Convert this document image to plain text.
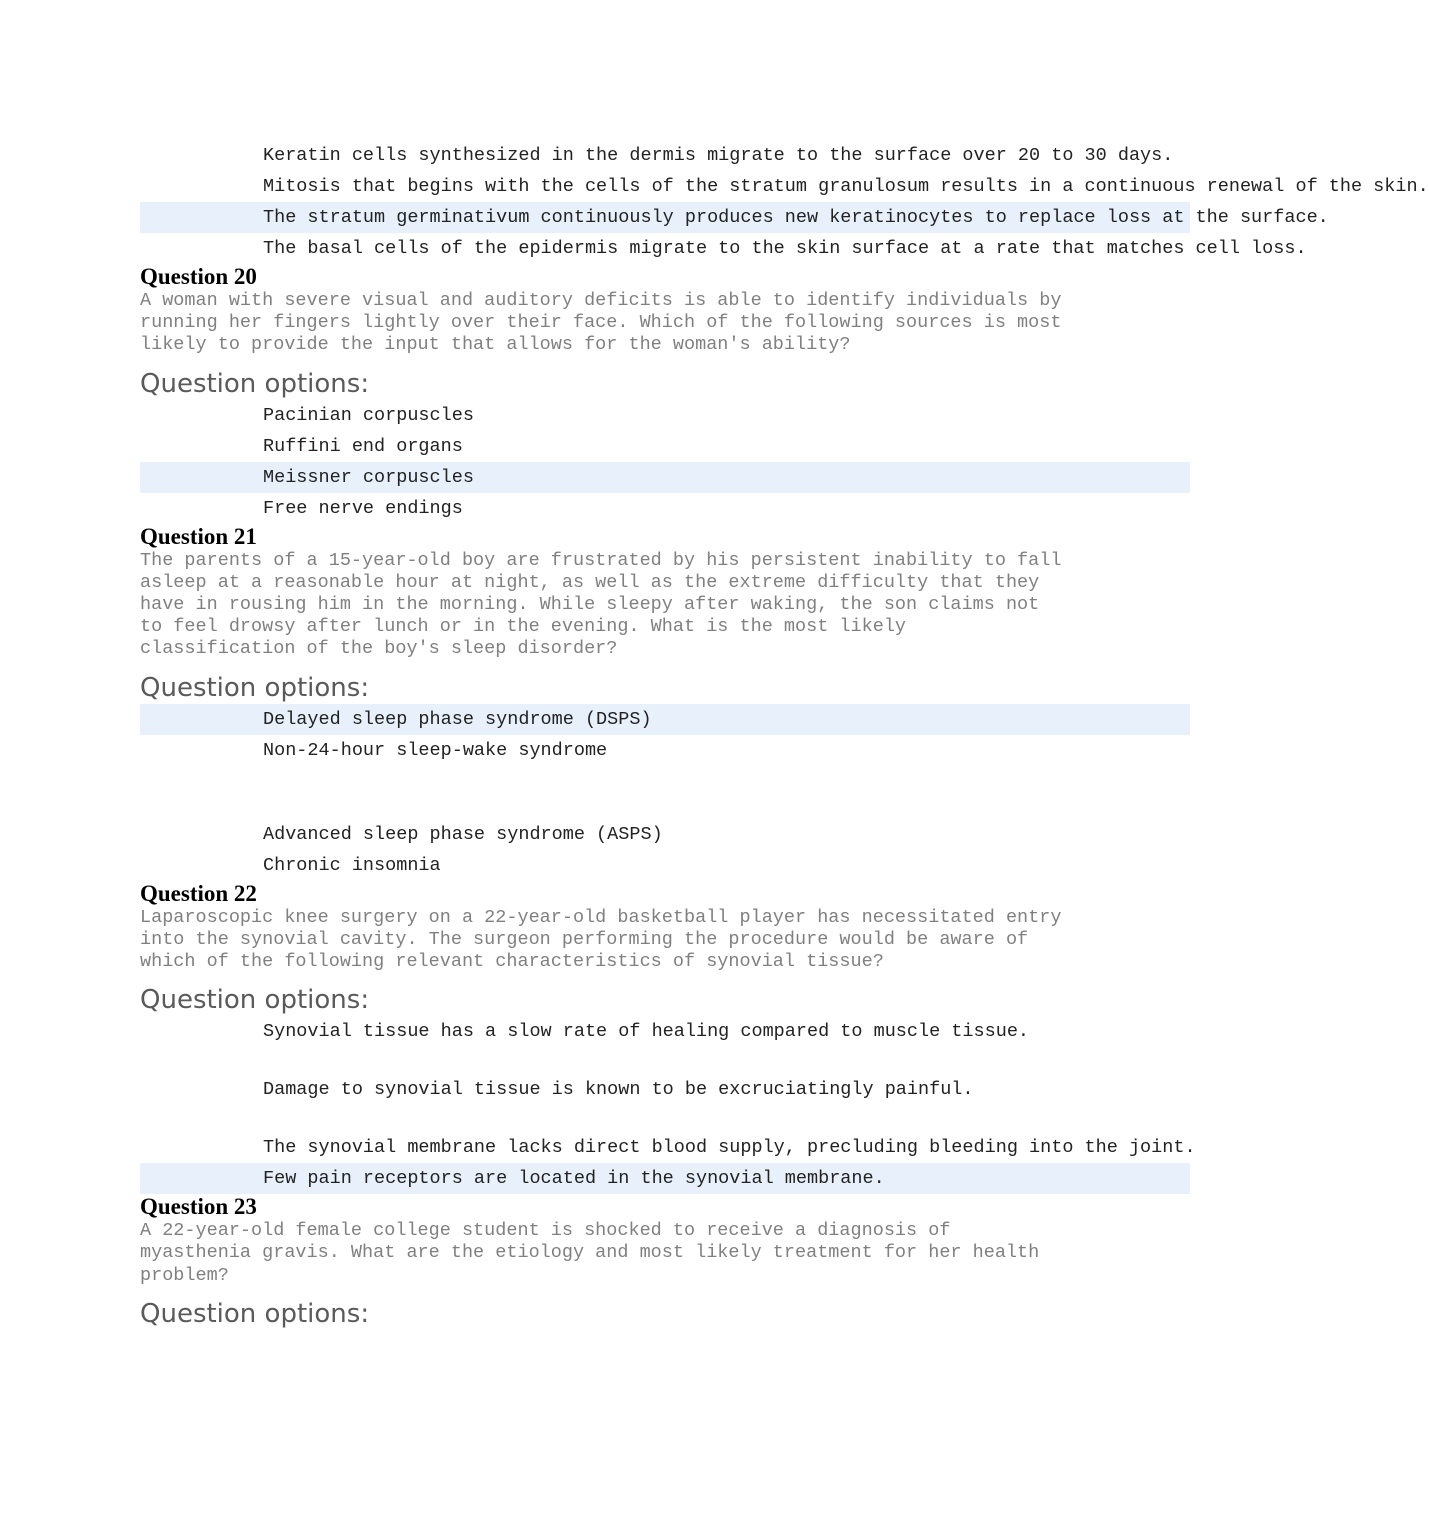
Keratin cells synthesized in the dermis migrate to the surface over 20 to 30 days.
Mitosis that begins with the cells of the stratum granulosum results in a continuous renewal of the skin.
The stratum germinativum continuously produces new keratinocytes to replace loss at the surface.
The basal cells of the epidermis migrate to the skin surface at a rate that matches cell loss.
Question 20
A woman with severe visual and auditory deficits is able to identify individuals by running her fingers lightly over their face. Which of the following sources is most likely to provide the input that allows for the woman's ability?
Question options:
Pacinian corpuscles
Ruffini end organs
Meissner corpuscles
Free nerve endings
Question 21
The parents of a 15-year-old boy are frustrated by his persistent inability to fall asleep at a reasonable hour at night, as well as the extreme difficulty that they have in rousing him in the morning. While sleepy after waking, the son claims not to feel drowsy after lunch or in the evening. What is the most likely classification of the boy's sleep disorder?
Question options:
Delayed sleep phase syndrome (DSPS)
Non-24-hour sleep-wake syndrome
Advanced sleep phase syndrome (ASPS)
Chronic insomnia
Question 22
Laparoscopic knee surgery on a 22-year-old basketball player has necessitated entry into the synovial cavity. The surgeon performing the procedure would be aware of which of the following relevant characteristics of synovial tissue?
Question options:
Synovial tissue has a slow rate of healing compared to muscle tissue.
Damage to synovial tissue is known to be excruciatingly painful.
The synovial membrane lacks direct blood supply, precluding bleeding into the joint.
Few pain receptors are located in the synovial membrane.
Question 23
A 22-year-old female college student is shocked to receive a diagnosis of myasthenia gravis. What are the etiology and most likely treatment for her health problem?
Question options:
